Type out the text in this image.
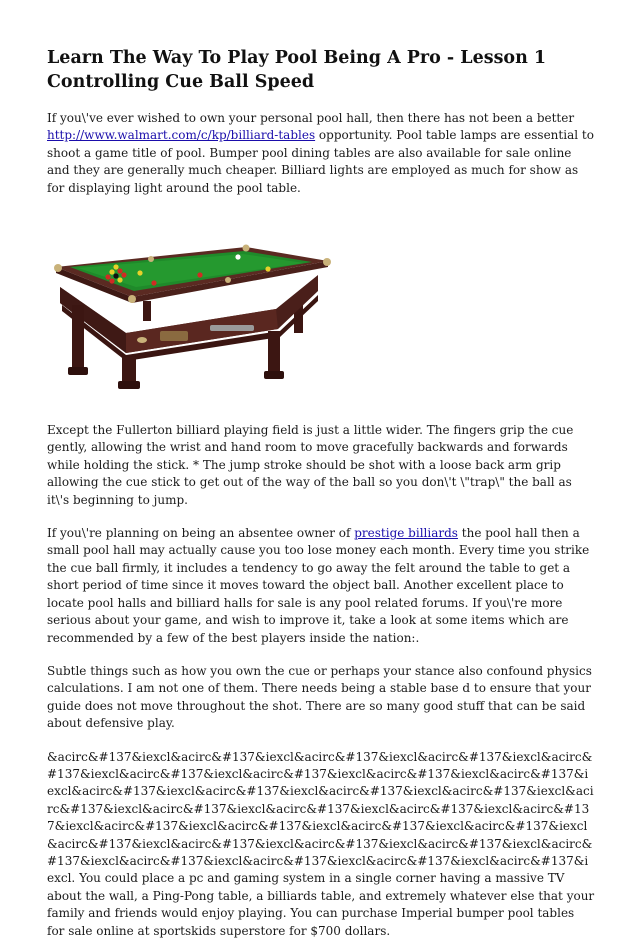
Learn The Way To Play Pool Being A Pro - Lesson 1
Controlling Cue Ball Speed

If you\'ve ever wished to own your personal pool hall, then there has not been a better http://www.walmart.com/c/kp/billiard-tables opportunity. Pool table lamps are essential to shoot a game title of pool. Bumper pool dining tables are also available for sale online and they are generally much cheaper. Billiard lights are employed as much for show as for displaying light around the pool table.

Except the Fullerton billiard playing field is just a little wider. The fingers grip the cue gently, allowing the wrist and hand room to move gracefully backwards and forwards while holding the stick. * The jump stroke should be shot with a loose back arm grip allowing the cue stick to get out of the way of the ball so you don\'t \"trap\" the ball as it\'s beginning to jump.

If you\'re planning on being an absentee owner of prestige billiards the pool hall then a small pool hall may actually cause you too lose money each month. Every time you strike the cue ball firmly, it includes a tendency to go away the felt around the table to get a short period of time since it moves toward the object ball. Another excellent place to locate pool halls and billiard halls for sale is any pool related forums. If you\'re more serious about your game, and wish to improve it, take a look at some items which are recommended by a few of the best players inside the nation:.

Subtle things such as how you own the cue or perhaps your stance also confound physics calculations. I am not one of them. There needs being a stable base d to ensure that your guide does not move throughout the shot. There are so many good stuff that can be said about defensive play.

&acirc&#137&iexcl&acirc&#137&iexcl&acirc&#137&iexcl&acirc&#137&iexcl&acirc&#137&iexcl&acirc&#137&iexcl&acirc&#137&iexcl&acirc&#137&iexcl&acirc&#137&iexcl&acirc&#137&iexcl&acirc&#137&iexcl&acirc&#137&iexcl&acirc&#137&iexcl&acirc&#137&iexcl&acirc&#137&iexcl&acirc&#137&iexcl&acirc&#137&iexcl&acirc&#137&iexcl&acirc&#137&iexcl&acirc&#137&iexcl&acirc&#137&iexcl&acirc&#137&iexcl&acirc&#137&iexcl&acirc&#137&iexcl&acirc&#137&iexcl&acirc&#137&iexcl&acirc&#137&iexcl&acirc&#137&iexcl&acirc&#137&iexcl&acirc&#137&iexcl&acirc&#137&iexcl. You could place a pc and gaming system in a single corner having a massive TV about the wall, a Ping-Pong table, a billiards table, and extremely whatever else that your family and friends would enjoy playing. You can purchase Imperial bumper pool tables for sale online at sportskids superstore for $700 dollars.
